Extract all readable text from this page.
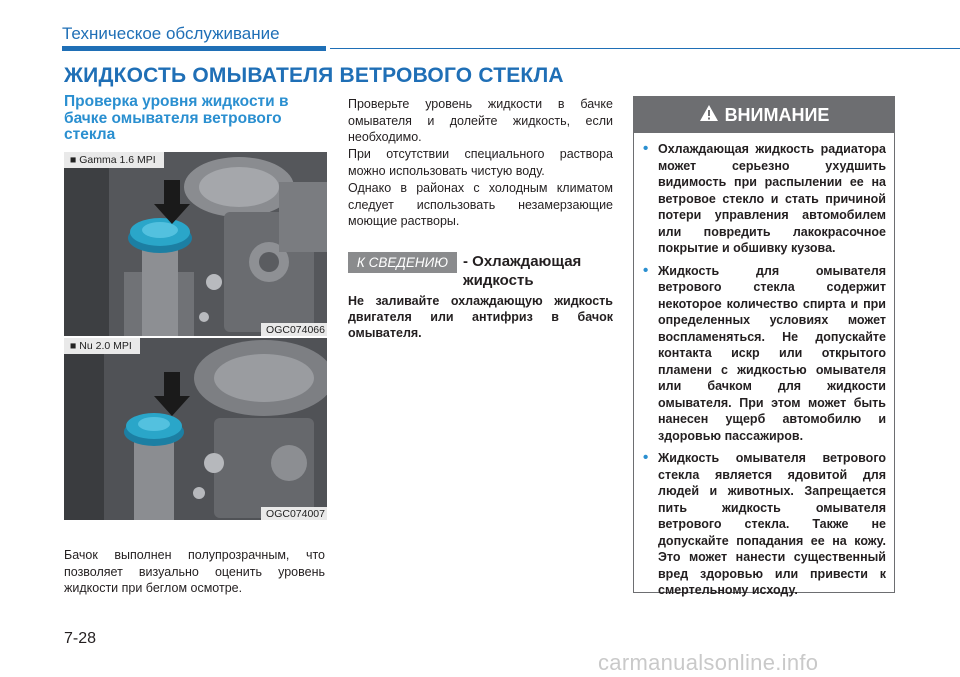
Техническое обслуживание
ЖИДКОСТЬ ОМЫВАТЕЛЯ ВЕТРОВОГО СТЕКЛА
Проверка уровня жидкости в бачке омывателя ветрового стекла
■ Gamma 1.6 MPI
OGC074066
■ Nu 2.0 MPI
OGC074007
Бачок выполнен полупрозрачным, что позволяет визуально оценить уровень жидкости при беглом осмотре.
Проверьте уровень жидкости в бачке омывателя и долейте жидкость, если необходимо.
При отсутствии специального раствора можно использовать чистую воду.
Однако в районах с холодным климатом следует использовать незамерзающие моющие растворы.
К СВЕДЕНИЮ - Охлаждающая жидкость
Не заливайте охлаждающую жидкость двигателя или антифриз в бачок омывателя.
ВНИМАНИЕ
• Охлаждающая жидкость радиатора может серьезно ухудшить видимость при распылении ее на ветровое стекло и стать причиной потери управления автомобилем или повредить лакокрасочное покрытие и обшивку кузова.
• Жидкость для омывателя ветрового стекла содержит некоторое количество спирта и при определенных условиях может воспламеняться. Не допускайте контакта искр или открытого пламени с жидкостью омывателя или бачком для жидкости омывателя. При этом может быть нанесен ущерб автомобилю и здоровью пассажиров.
• Жидкость омывателя ветрового стекла является ядовитой для людей и животных. Запрещается пить жидкость омывателя ветрового стекла. Также не допускайте попадания ее на кожу. Это может нанести существенный вред здоровью или привести к смертельному исходу.
7-28
carmanualsonline.info
